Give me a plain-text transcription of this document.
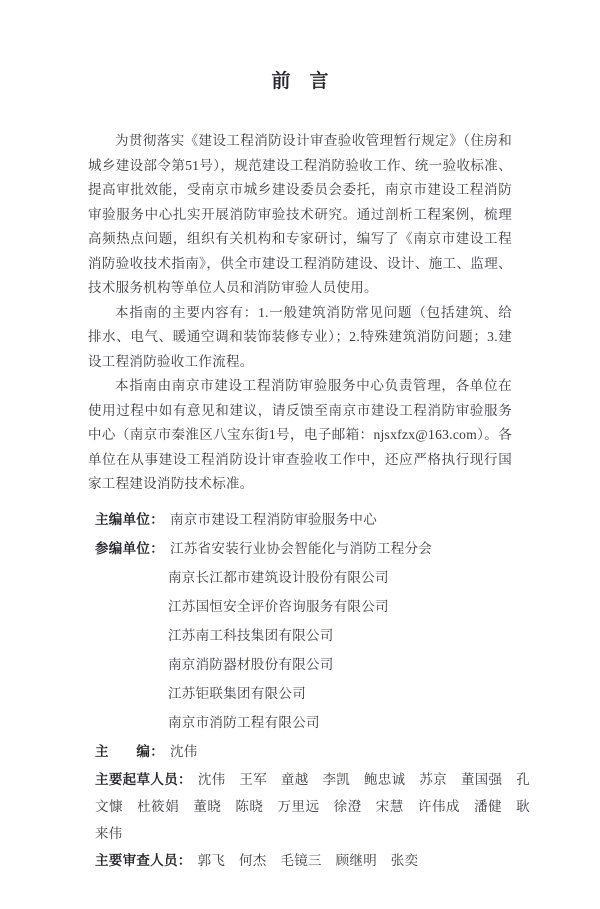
前　言

为贯彻落实《建设工程消防设计审查验收管理暂行规定》（住房和城乡建设部令第51号），规范建设工程消防验收工作、统一验收标准、提高审批效能，受南京市城乡建设委员会委托，南京市建设工程消防审验服务中心扎实开展消防审验技术研究。通过剖析工程案例，梳理高频热点问题，组织有关机构和专家研讨，编写了《南京市建设工程消防验收技术指南》，供全市建设工程消防建设、设计、施工、监理、技术服务机构等单位人员和消防审验人员使用。

本指南的主要内容有：1.一般建筑消防常见问题（包括建筑、给排水、电气、暖通空调和装饰装修专业）；2.特殊建筑消防问题；3.建设工程消防验收工作流程。

本指南由南京市建设工程消防审验服务中心负责管理，各单位在使用过程中如有意见和建议，请反馈至南京市建设工程消防审验服务中心（南京市秦淮区八宝东街1号，电子邮箱：njsxfzx@163.com）。各单位在从事建设工程消防设计审查验收工作中，还应严格执行现行国家工程建设消防技术标准。

主编单位： 南京市建设工程消防审验服务中心
参编单位： 江苏省安装行业协会智能化与消防工程分会
南京长江都市建筑设计股份有限公司
江苏国恒安全评价咨询服务有限公司
江苏南工科技集团有限公司
南京消防器材股份有限公司
江苏钜联集团有限公司
南京市消防工程有限公司
主　　编： 沈伟
主要起草人员： 沈伟　王军　童越　李凯　鲍忠诚　苏京　董国强　孔文慷　杜筱娟　董晓　陈晓　万里远　徐澄　宋慧　许伟成　潘健　耿来伟
主要审查人员： 郭飞　何杰　毛镜三　顾继明　张奕
